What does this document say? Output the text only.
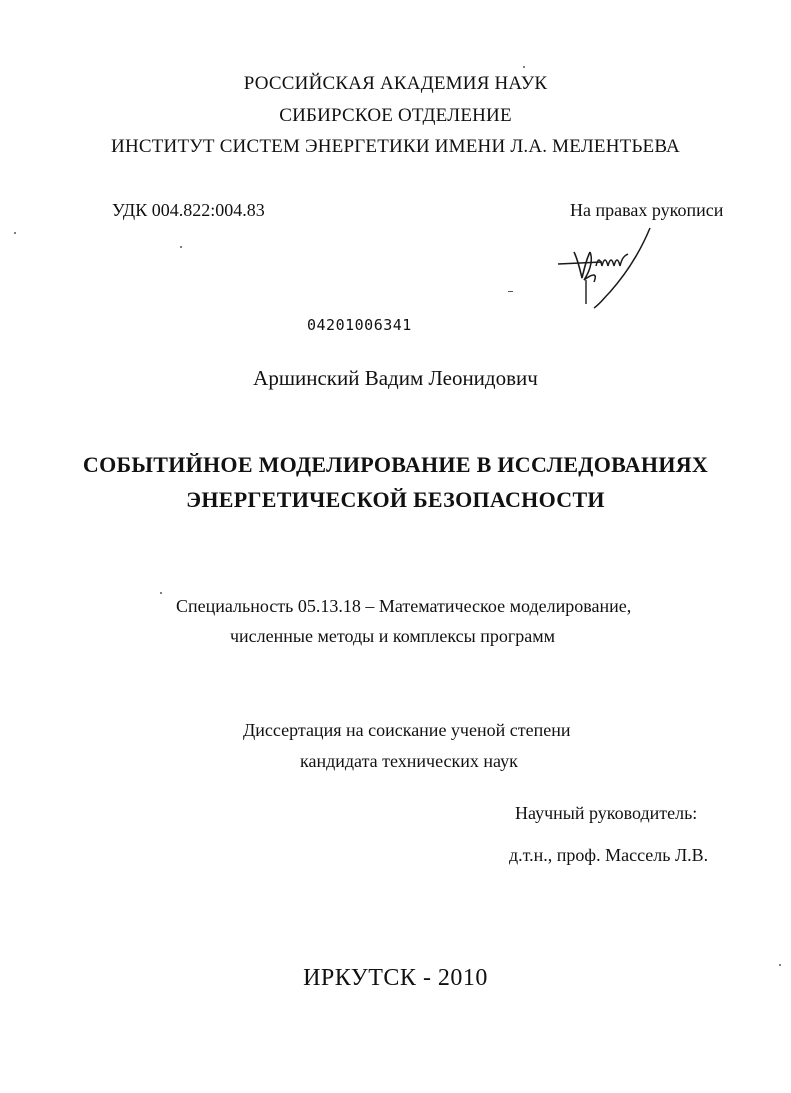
РОССИЙСКАЯ АКАДЕМИЯ НАУК
СИБИРСКОЕ ОТДЕЛЕНИЕ
ИНСТИТУТ СИСТЕМ ЭНЕРГЕТИКИ ИМЕНИ Л.А. МЕЛЕНТЬЕВА
УДК 004.822:004.83	На правах рукописи
04201006341
Аршинский Вадим Леонидович
СОБЫТИЙНОЕ МОДЕЛИРОВАНИЕ В ИССЛЕДОВАНИЯХ
ЭНЕРГЕТИЧЕСКОЙ БЕЗОПАСНОСТИ
Специальность 05.13.18 – Математическое моделирование,
численные методы и комплексы программ
Диссертация на соискание ученой степени
кандидата технических наук
Научный руководитель:
д.т.н., проф. Массель Л.В.
ИРКУТСК - 2010
